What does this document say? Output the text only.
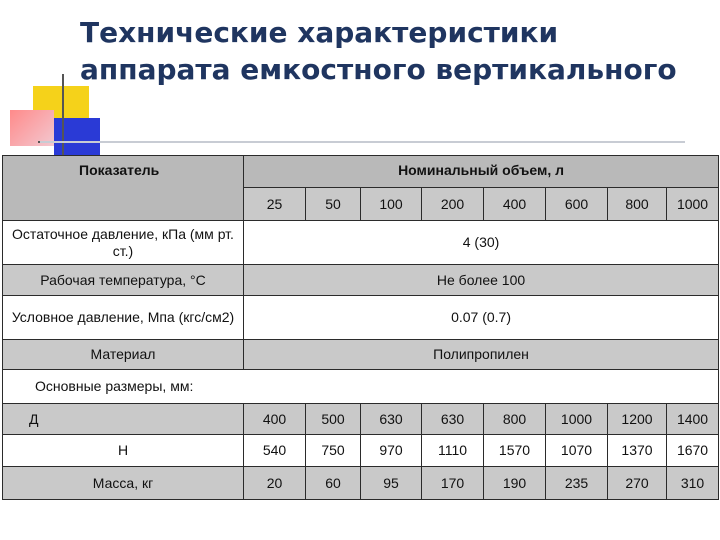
Технические характеристики
аппарата емкостного вертикального
Показатель	Номинальный объем, л							
	25	50	100	200	400	600	800	1000
Остаточное давление, кПа (мм рт. ст.)	4 (30)							
Рабочая температура, °С	Не более 100							
Условное давление, Мпа (кгс/см2)	0.07 (0.7)							
Материал	Полипропилен							
Основные размеры, мм:								
Д	400	500	630	630	800	1000	1200	1400
Н	540	750	970	1110	1570	1070	1370	1670
Масса, кг	20	60	95	170	190	235	270	310
